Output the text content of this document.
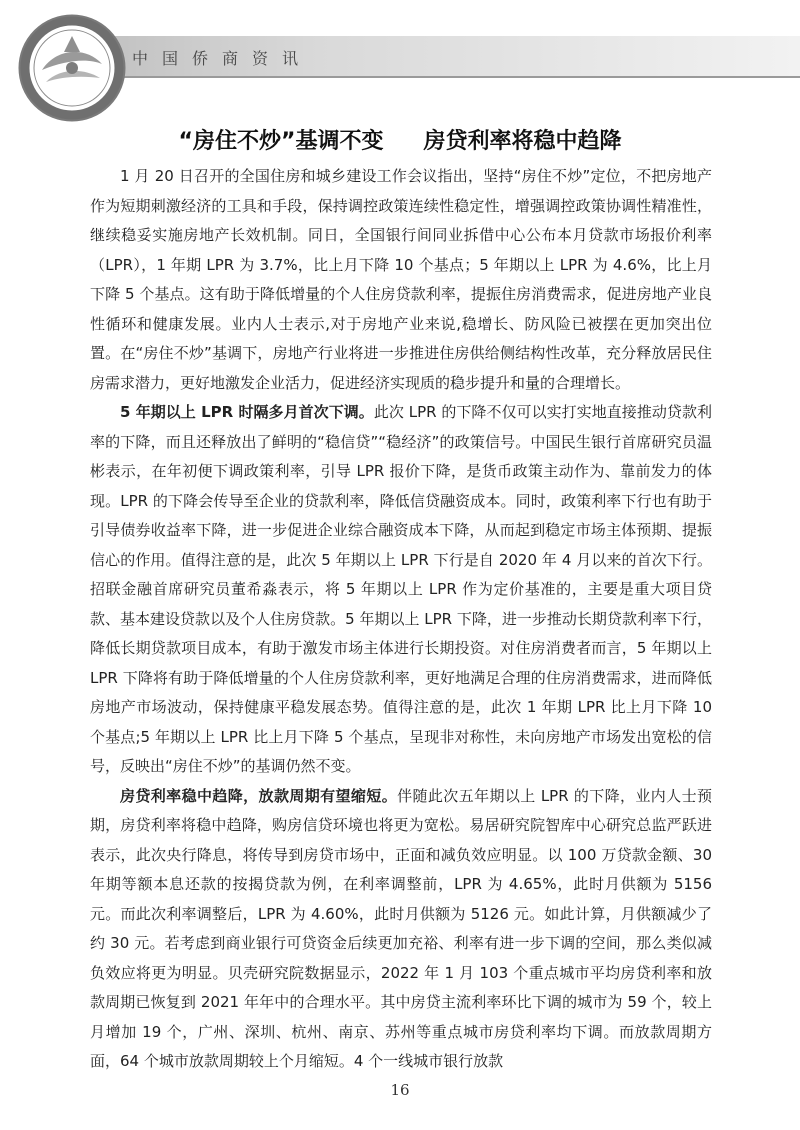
中国侨商资讯
“房住不炒”基调不变 房贷利率将稳中趋降

1 月 20 日召开的全国住房和城乡建设工作会议指出，坚持“房住不炒”定位，不把房地产作为短期刺激经济的工具和手段，保持调控政策连续性稳定性，增强调控政策协调性精准性，继续稳妥实施房地产长效机制。同日，全国银行间同业拆借中心公布本月贷款市场报价利率（LPR），1 年期 LPR 为 3.7%，比上月下降 10 个基点；5 年期以上 LPR 为 4.6%，比上月下降 5 个基点。这有助于降低增量的个人住房贷款利率，提振住房消费需求，促进房地产业良性循环和健康发展。业内人士表示,对于房地产业来说,稳增长、防风险已被摆在更加突出位置。在“房住不炒”基调下，房地产行业将进一步推进住房供给侧结构性改革，充分释放居民住房需求潜力，更好地激发企业活力，促进经济实现质的稳步提升和量的合理增长。

5 年期以上 LPR 时隔多月首次下调。此次 LPR 的下降不仅可以实打实地直接推动贷款利率的下降，而且还释放出了鲜明的“稳信贷”“稳经济”的政策信号。中国民生银行首席研究员温彬表示，在年初便下调政策利率，引导 LPR 报价下降，是货币政策主动作为、靠前发力的体现。LPR 的下降会传导至企业的贷款利率，降低信贷融资成本。同时，政策利率下行也有助于引导债券收益率下降，进一步促进企业综合融资成本下降，从而起到稳定市场主体预期、提振信心的作用。值得注意的是，此次 5 年期以上 LPR 下行是自 2020 年 4 月以来的首次下行。招联金融首席研究员董希淼表示，将 5 年期以上 LPR 作为定价基准的，主要是重大项目贷款、基本建设贷款以及个人住房贷款。5 年期以上 LPR 下降，进一步推动长期贷款利率下行，降低长期贷款项目成本，有助于激发市场主体进行长期投资。对住房消费者而言，5 年期以上 LPR 下降将有助于降低增量的个人住房贷款利率，更好地满足合理的住房消费需求，进而降低房地产市场波动，保持健康平稳发展态势。值得注意的是，此次 1 年期 LPR 比上月下降 10 个基点;5 年期以上 LPR 比上月下降 5 个基点，呈现非对称性，未向房地产市场发出宽松的信号，反映出“房住不炒”的基调仍然不变。

房贷利率稳中趋降，放款周期有望缩短。伴随此次五年期以上 LPR 的下降，业内人士预期，房贷利率将稳中趋降，购房信贷环境也将更为宽松。易居研究院智库中心研究总监严跃进表示，此次央行降息，将传导到房贷市场中，正面和减负效应明显。以 100 万贷款金额、30 年期等额本息还款的按揭贷款为例，在利率调整前，LPR 为 4.65%，此时月供额为 5156 元。而此次利率调整后，LPR 为 4.60%，此时月供额为 5126 元。如此计算，月供额减少了约 30 元。若考虑到商业银行可贷资金后续更加充裕、利率有进一步下调的空间，那么类似减负效应将更为明显。贝壳研究院数据显示，2022 年 1 月 103 个重点城市平均房贷利率和放款周期已恢复到 2021 年年中的合理水平。其中房贷主流利率环比下调的城市为 59 个，较上月增加 19 个，广州、深圳、杭州、南京、苏州等重点城市房贷利率均下调。而放款周期方面，64 个城市放款周期较上个月缩短。4 个一线城市银行放款

16
